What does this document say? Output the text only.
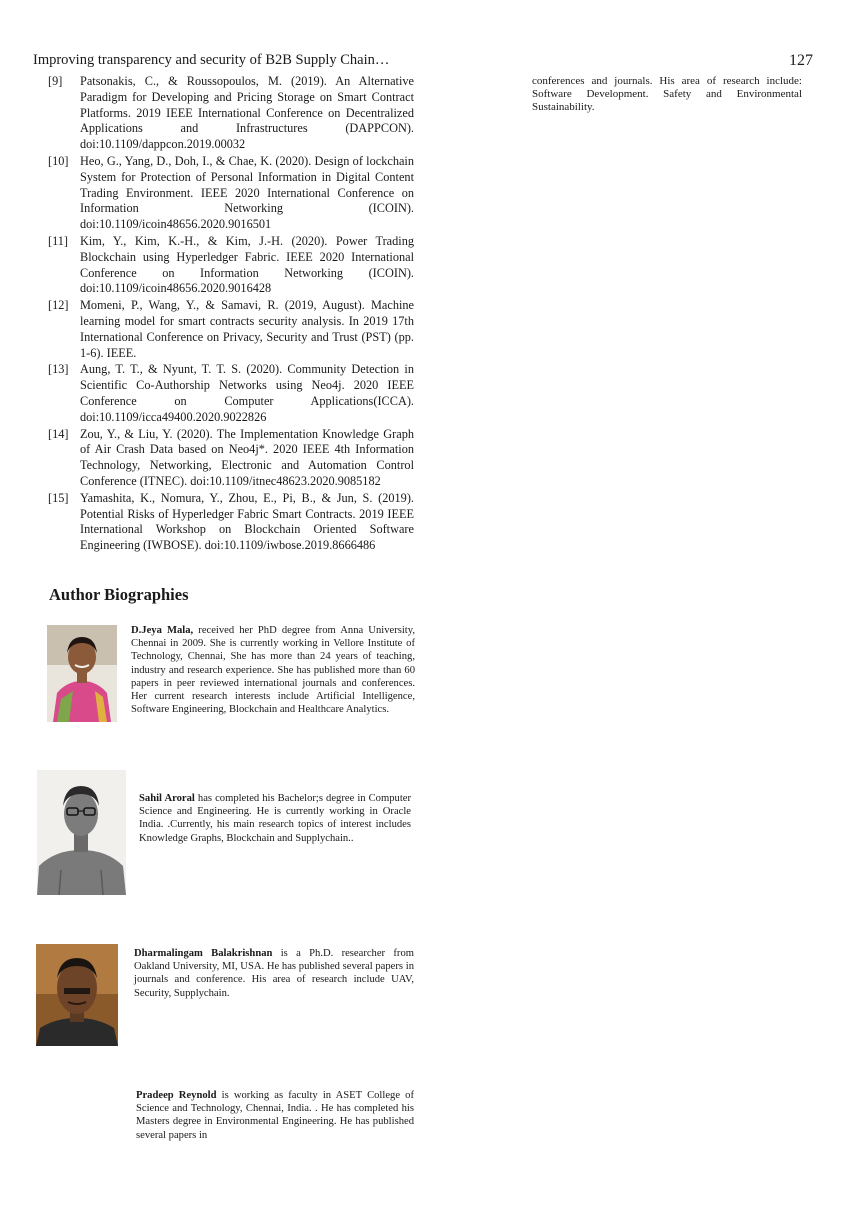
Improving transparency and security of B2B Supply Chain…	127
[9] Patsonakis, C., & Roussopoulos, M. (2019). An Alternative Paradigm for Developing and Pricing Storage on Smart Contract Platforms. 2019 IEEE International Conference on Decentralized Applications and Infrastructures (DAPPCON). doi:10.1109/dappcon.2019.00032
[10] Heo, G., Yang, D., Doh, I., & Chae, K. (2020). Design of lockchain System for Protection of Personal Information in Digital Content Trading Environment. IEEE 2020 International Conference on Information Networking (ICOIN). doi:10.1109/icoin48656.2020.9016501
[11] Kim, Y., Kim, K.-H., & Kim, J.-H. (2020). Power Trading Blockchain using Hyperledger Fabric. IEEE 2020 International Conference on Information Networking (ICOIN). doi:10.1109/icoin48656.2020.9016428
[12] Momeni, P., Wang, Y., & Samavi, R. (2019, August). Machine learning model for smart contracts security analysis. In 2019 17th International Conference on Privacy, Security and Trust (PST) (pp. 1-6). IEEE.
[13] Aung, T. T., & Nyunt, T. T. S. (2020). Community Detection in Scientific Co-Authorship Networks using Neo4j. 2020 IEEE Conference on Computer Applications(ICCA). doi:10.1109/icca49400.2020.9022826
[14] Zou, Y., & Liu, Y. (2020). The Implementation Knowledge Graph of Air Crash Data based on Neo4j*. 2020 IEEE 4th Information Technology, Networking, Electronic and Automation Control Conference (ITNEC). doi:10.1109/itnec48623.2020.9085182
[15] Yamashita, K., Nomura, Y., Zhou, E., Pi, B., & Jun, S. (2019). Potential Risks of Hyperledger Fabric Smart Contracts. 2019 IEEE International Workshop on Blockchain Oriented Software Engineering (IWBOSE). doi:10.1109/iwbose.2019.8666486
conferences and journals. His area of research include: Software Development. Safety and Environmental Sustainability.
Author Biographies
D.Jeya Mala, received her PhD degree from Anna University, Chennai in 2009. She is currently working in Vellore Institute of Technology, Chennai, She has more than 24 years of teaching, industry and research experience. She has published more than 60 papers in peer reviewed international journals and conferences. Her current research interests include Artificial Intelligence, Software Engineering, Blockchain and Healthcare Analytics.
Sahil Aroral has completed his Bachelor;s degree in Computer Science and Engineering. He is currently working in Oracle India. .Currently, his main research topics of interest includes Knowledge Graphs, Blockchain and Supplychain..
Dharmalingam Balakrishnan is a Ph.D. researcher from Oakland University, MI, USA. He has published several papers in journals and conference. His area of research include UAV, Security, Supplychain.
Pradeep Reynold is working as faculty in ASET College of Science and Technology, Chennai, India. . He has completed his Masters degree in Environmental Engineering. He has published several papers in
